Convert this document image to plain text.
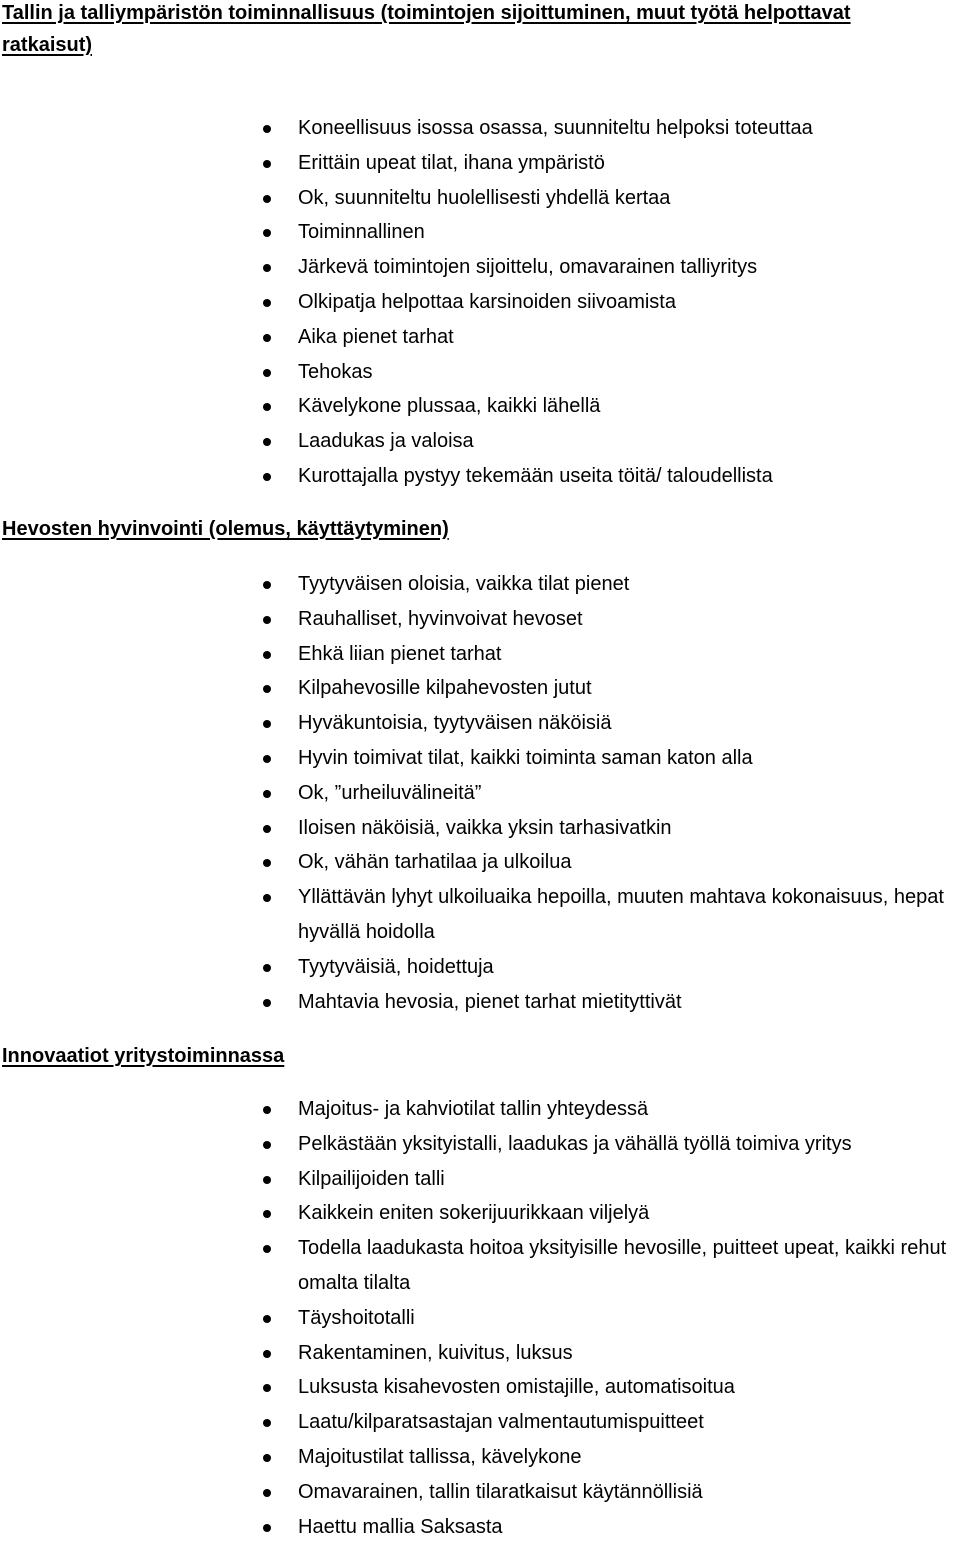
Tallin ja talliympäristön toiminnallisuus (toimintojen sijoittuminen, muut työtä helpottavat ratkaisut)
Koneellisuus isossa osassa, suunniteltu helpoksi toteuttaa
Erittäin upeat tilat, ihana ympäristö
Ok, suunniteltu huolellisesti yhdellä kertaa
Toiminnallinen
Järkevä toimintojen sijoittelu, omavarainen talliyritys
Olkipatja helpottaa karsinoiden siivoamista
Aika pienet tarhat
Tehokas
Kävelykone plussaa, kaikki lähellä
Laadukas ja valoisa
Kurottajalla pystyy tekemään useita töitä/ taloudellista
Hevosten hyvinvointi (olemus, käyttäytyminen)
Tyytyväisen oloisia, vaikka tilat pienet
Rauhalliset, hyvinvoivat hevoset
Ehkä liian pienet tarhat
Kilpahevosille kilpahevosten jutut
Hyväkuntoisia, tyytyväisen näköisiä
Hyvin toimivat tilat, kaikki toiminta saman katon alla
Ok, ”urheiluvälineitä”
Iloisen näköisiä, vaikka yksin tarhasivatkin
Ok, vähän tarhatilaa ja ulkoilua
Yllättävän lyhyt ulkoiluaika hepoilla, muuten mahtava kokonaisuus, hepat hyvällä hoidolla
Tyytyväisiä, hoidettuja
Mahtavia hevosia, pienet tarhat mietityttivät
Innovaatiot yritystoiminnassa
Majoitus- ja kahviotilat tallin yhteydessä
Pelkästään yksityistalli, laadukas ja vähällä työllä toimiva yritys
Kilpailijoiden talli
Kaikkein eniten sokerijuurikkaan viljelyä
Todella laadukasta hoitoa yksityisille hevosille, puitteet upeat, kaikki rehut omalta tilalta
Täyshoitotalli
Rakentaminen, kuivitus, luksus
Luksusta kisahevosten omistajille, automatisoitua
Laatu/kilparatsastajan valmentautumispuitteet
Majoitustilat tallissa, kävelykone
Omavarainen, tallin tilaratkaisut käytännöllisiä
Haettu mallia Saksasta
